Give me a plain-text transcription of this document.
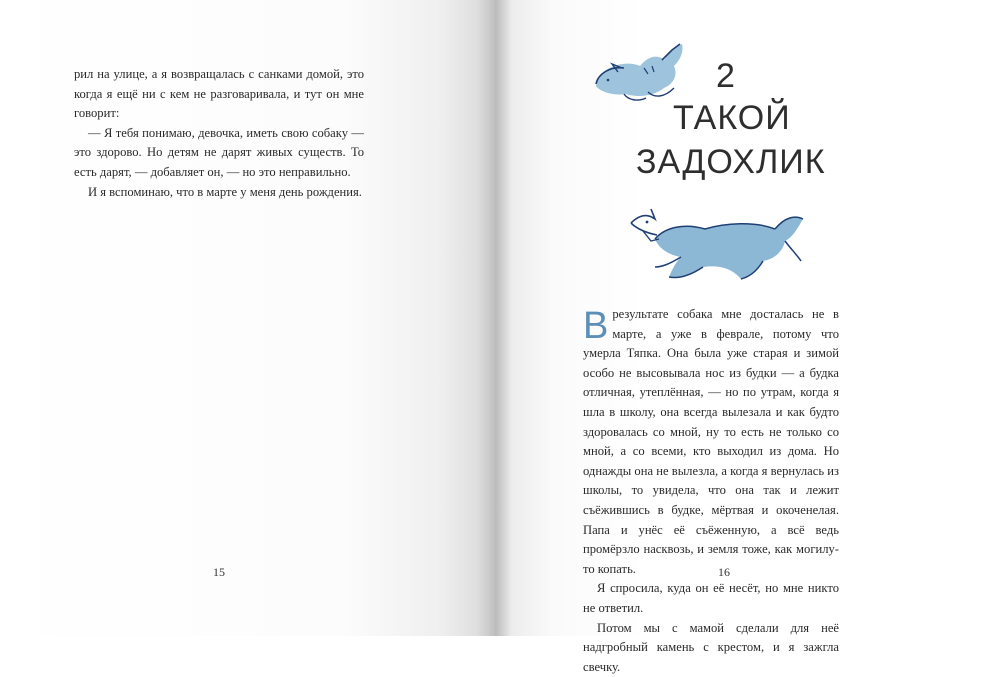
рил на улице, а я возвращалась с санками домой, это когда я ещё ни с кем не разговаривала, и тут он мне говорит:

— Я тебя понимаю, девочка, иметь свою собаку — это здорово. Но детям не дарят живых существ. То есть дарят, — добавляет он, — но это неправильно.

И я вспоминаю, что в марте у меня день рождения.

15
2
ТАКОЙ
ЗАДОХЛИК

В результате собака мне досталась не в марте, а уже в феврале, потому что умерла Тяпка. Она была уже старая и зимой особо не высовывала нос из будки — а будка отличная, утеплённая, — но по утрам, когда я шла в школу, она всегда вылезала и как будто здоровалась со мной, ну то есть не только со мной, а со всеми, кто выходил из дома. Но однажды она не вылезла, а когда я вернулась из школы, то увидела, что она так и лежит съёжившись в будке, мёртвая и окоченелая. Папа и унёс её съёженную, а всё ведь промёрзло насквозь, и земля тоже, как могилу-то копать.

Я спросила, куда он её несёт, но мне никто не ответил.

Потом мы с мамой сделали для неё надгробный камень с крестом, и я зажгла свечку.

16
